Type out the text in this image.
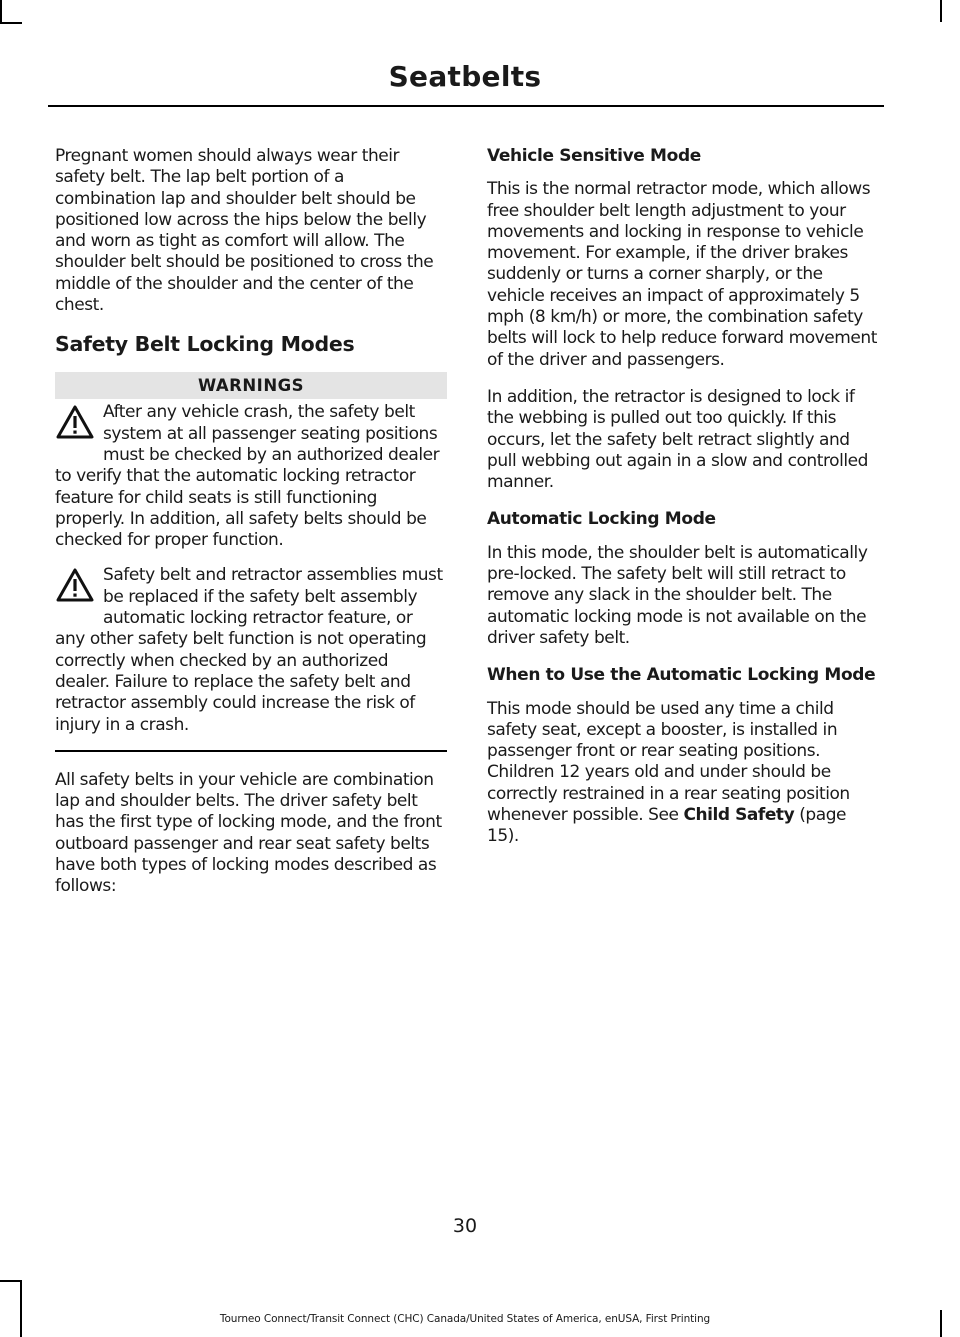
Seatbelts

Pregnant women should always wear their safety belt. The lap belt portion of a combination lap and shoulder belt should be positioned low across the hips below the belly and worn as tight as comfort will allow. The shoulder belt should be positioned to cross the middle of the shoulder and the center of the chest.

Safety Belt Locking Modes
WARNINGS
After any vehicle crash, the safety belt system at all passenger seating positions must be checked by an authorized dealer to verify that the automatic locking retractor feature for child seats is still functioning properly. In addition, all safety belts should be checked for proper function.
Safety belt and retractor assemblies must be replaced if the safety belt assembly automatic locking retractor feature, or any other safety belt function is not operating correctly when checked by an authorized dealer. Failure to replace the safety belt and retractor assembly could increase the risk of injury in a crash.

All safety belts in your vehicle are combination lap and shoulder belts. The driver safety belt has the first type of locking mode, and the front outboard passenger and rear seat safety belts have both types of locking modes described as follows:

Vehicle Sensitive Mode

This is the normal retractor mode, which allows free shoulder belt length adjustment to your movements and locking in response to vehicle movement. For example, if the driver brakes suddenly or turns a corner sharply, or the vehicle receives an impact of approximately 5 mph (8 km/h) or more, the combination safety belts will lock to help reduce forward movement of the driver and passengers.

In addition, the retractor is designed to lock if the webbing is pulled out too quickly. If this occurs, let the safety belt retract slightly and pull webbing out again in a slow and controlled manner.

Automatic Locking Mode

In this mode, the shoulder belt is automatically pre-locked. The safety belt will still retract to remove any slack in the shoulder belt. The automatic locking mode is not available on the driver safety belt.

When to Use the Automatic Locking Mode

This mode should be used any time a child safety seat, except a booster, is installed in passenger front or rear seating positions. Children 12 years old and under should be correctly restrained in a rear seating position whenever possible. See Child Safety (page 15).

30
Tourneo Connect/Transit Connect (CHC) Canada/United States of America, enUSA, First Printing
